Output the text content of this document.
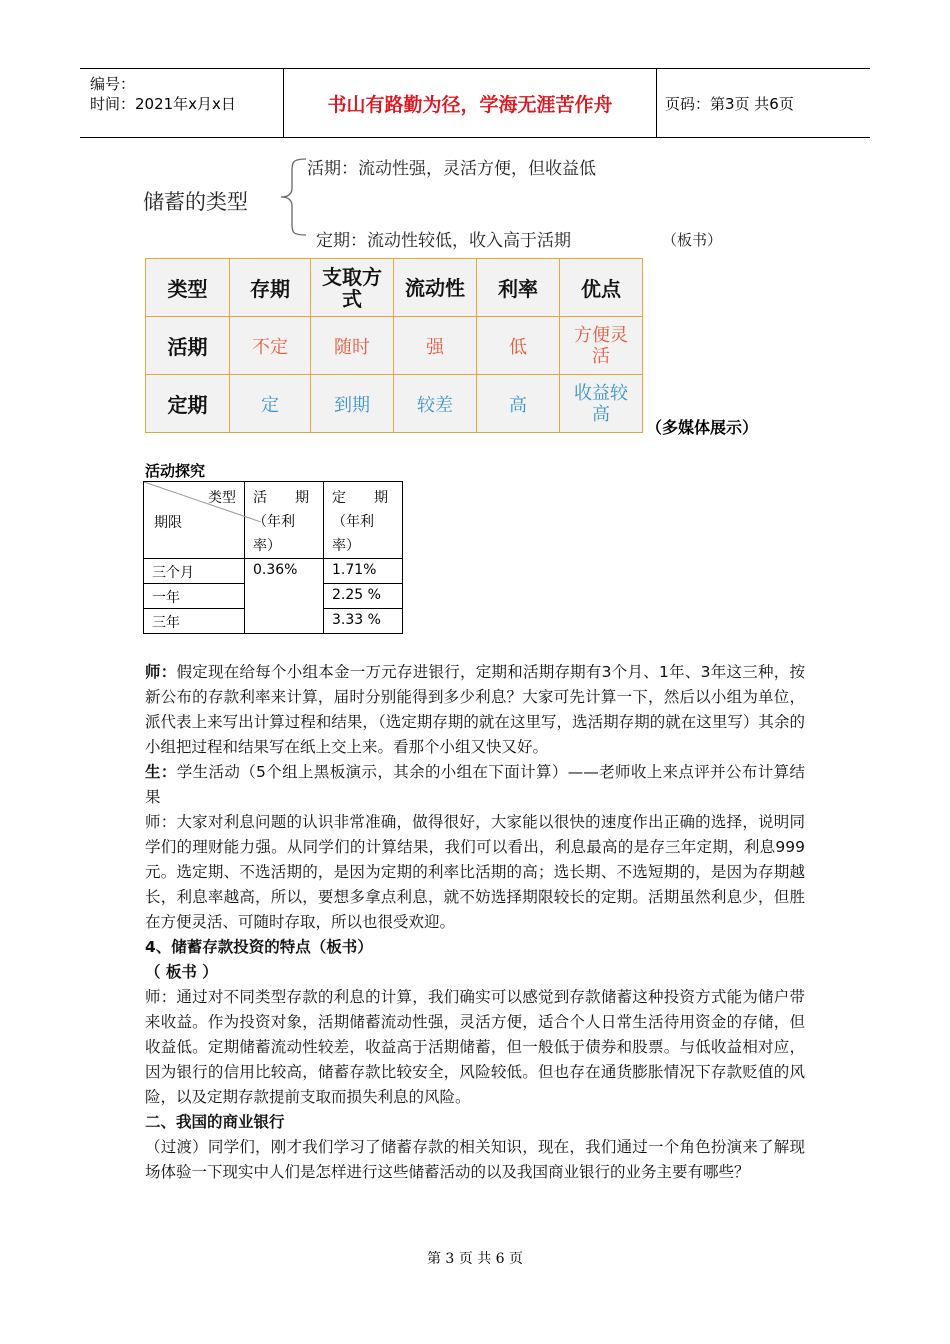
编号：
时间：2021年x月x日	书山有路勤为径，学海无涯苦作舟	页码：第3页 共6页
储蓄的类型
活期：流动性强，灵活方便，但收益低
定期：流动性较低，收入高于活期	（板书）
类型	存期	支取方式	流动性	利率	优点
活期	不定	随时	强	低	方便灵活
定期	定	到期	较差	高	收益较高
（多媒体展示）
活动探究
类型
期限	活　　期（年利率）	定　　期（年利率）
三个月	0.36%	1.71%
一年		2.25 %
三年		3.33 %
师：假定现在给每个小组本金一万元存进银行，定期和活期存期有3个月、1年、3年这三种，按新公布的存款利率来计算，届时分别能得到多少利息？大家可先计算一下，然后以小组为单位，派代表上来写出计算过程和结果，（选定期存期的就在这里写，选活期存期的就在这里写）其余的小组把过程和结果写在纸上交上来。看那个小组又快又好。
生：学生活动（5个组上黑板演示，其余的小组在下面计算）——老师收上来点评并公布计算结果
师：大家对利息问题的认识非常准确，做得很好，大家能以很快的速度作出正确的选择，说明同学们的理财能力强。从同学们的计算结果，我们可以看出，利息最高的是存三年定期，利息999元。选定期、不选活期的，是因为定期的利率比活期的高；选长期、不选短期的，是因为存期越长，利息率越高，所以，要想多拿点利息，就不妨选择期限较长的定期。活期虽然利息少，但胜在方便灵活、可随时存取，所以也很受欢迎。
4、储蓄存款投资的特点（板书）
（ 板书 ）
师：通过对不同类型存款的利息的计算，我们确实可以感觉到存款储蓄这种投资方式能为储户带来收益。作为投资对象，活期储蓄流动性强，灵活方便，适合个人日常生活待用资金的存储，但收益低。定期储蓄流动性较差，收益高于活期储蓄，但一般低于债券和股票。与低收益相对应，因为银行的信用比较高，储蓄存款比较安全，风险较低。但也存在通货膨胀情况下存款贬值的风险，以及定期存款提前支取而损失利息的风险。
二、我国的商业银行
（过渡）同学们，刚才我们学习了储蓄存款的相关知识，现在，我们通过一个角色扮演来了解现场体验一下现实中人们是怎样进行这些储蓄活动的以及我国商业银行的业务主要有哪些？
第 3 页 共 6 页
